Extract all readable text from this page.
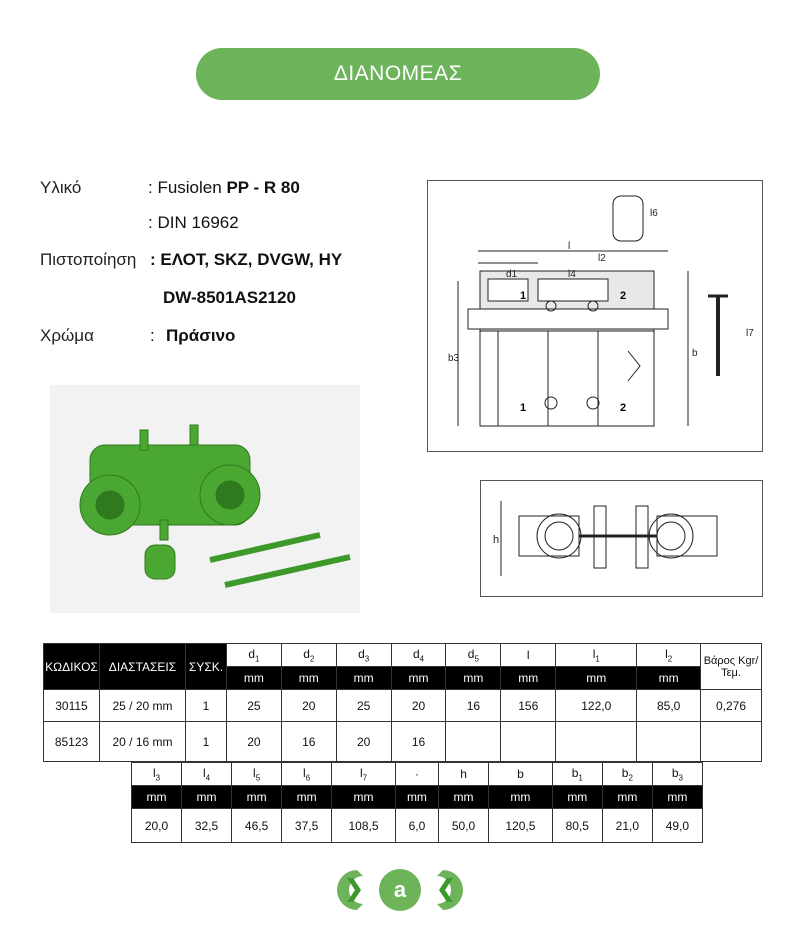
ΔΙΑΝΟΜΕΑΣ
Υλικό	: Fusiolen PP - R 80
: DIN 16962
Πιστοποίηση : ΕΛΟΤ, SKZ, DVGW, HY
DW-8501AS2120
Χρώμα	: Πράσινο
l
l2
l4
d1
b3	b
l6
l7
1	2
1	2
h
ΚΩΔΙΚΟΣ	ΔΙΑΣΤΑΣΕΙΣ	ΣΥΣΚ.	$d_1$	$d_2$	$d_3$	$d_4$	$d_5$	l	$l_1$	$l_2$	Βάρος Kgr/Τεμ.
			mm	mm	mm	mm	mm	mm	mm	mm	
30115	25 / 20 mm	1	25	20	25	20	16	156	122,0	85,0	0,276
85123	20 / 16 mm	1	20	16	20	16					
$l_3$	$l_4$	$l_5$	$l_6$	$l_7$	·	h	b	$b_1$	$b_2$	$b_3$
mm	mm	mm	mm	mm	mm	mm	mm	mm	mm	mm
20,0	32,5	46,5	37,5	108,5	6,0	50,0	120,5	80,5	21,0	49,0
a
